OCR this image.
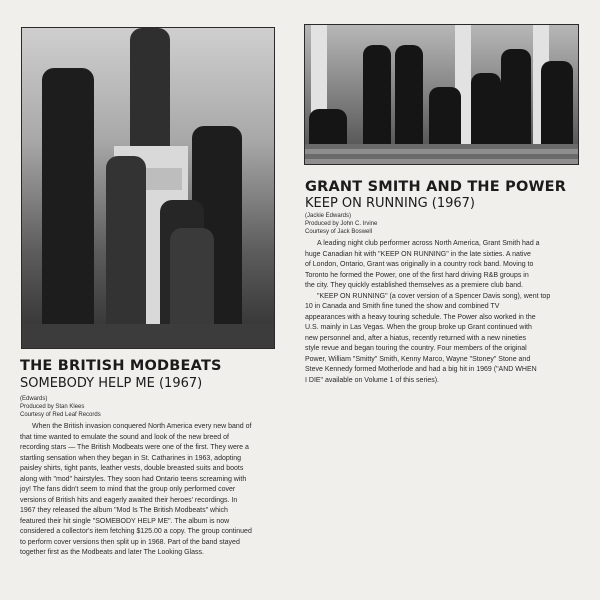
GRANT SMITH AND THE POWER
KEEP ON RUNNING (1967)
(Jackie Edwards)
Produced by John C. Irvine
Courtesy of Jack Boswell
A leading night club performer across North America, Grant Smith had a
huge Canadian hit with "KEEP ON RUNNING" in the late sixties. A native
of London, Ontario, Grant was originally in a country rock band. Moving to
Toronto he formed the Power, one of the first hard driving R&B groups in
the city. They quickly established themselves as a premiere club band.
"KEEP ON RUNNING" (a cover version of a Spencer Davis song), went top
10 in Canada and Smith fine tuned the show and combined TV
appearances with a heavy touring schedule. The Power also worked in the
U.S. mainly in Las Vegas. When the group broke up Grant continued with
new personnel and, after a hiatus, recently returned with a new nineties
style revue and began touring the country. Four members of the original
Power, William "Smitty" Smith, Kenny Marco, Wayne "Stoney" Stone and
Steve Kennedy formed Motherlode and had a big hit in 1969 ("AND WHEN
I DIE" available on Volume 1 of this series).
THE BRITISH MODBEATS
SOMEBODY HELP ME (1967)
(Edwards)
Produced by Stan Klees
Courtesy of Red Leaf Records
When the British invasion conquered North America every new band of
that time wanted to emulate the sound and look of the new breed of
recording stars — The British Modbeats were one of the first. They were a
startling sensation when they began in St. Catharines in 1963, adopting
paisley shirts, tight pants, leather vests, double breasted suits and boots
along with "mod" hairstyles. They soon had Ontario teens screaming with
joy! The fans didn't seem to mind that the group only performed cover
versions of British hits and eagerly awaited their heroes' recordings. In
1967 they released the album "Mod Is The British Modbeats" which
featured their hit single "SOMEBODY HELP ME". The album is now
considered a collector's item fetching $125.00 a copy. The group continued
to perform cover versions then split up in 1968. Part of the band stayed
together first as the Modbeats and later The Looking Glass.
